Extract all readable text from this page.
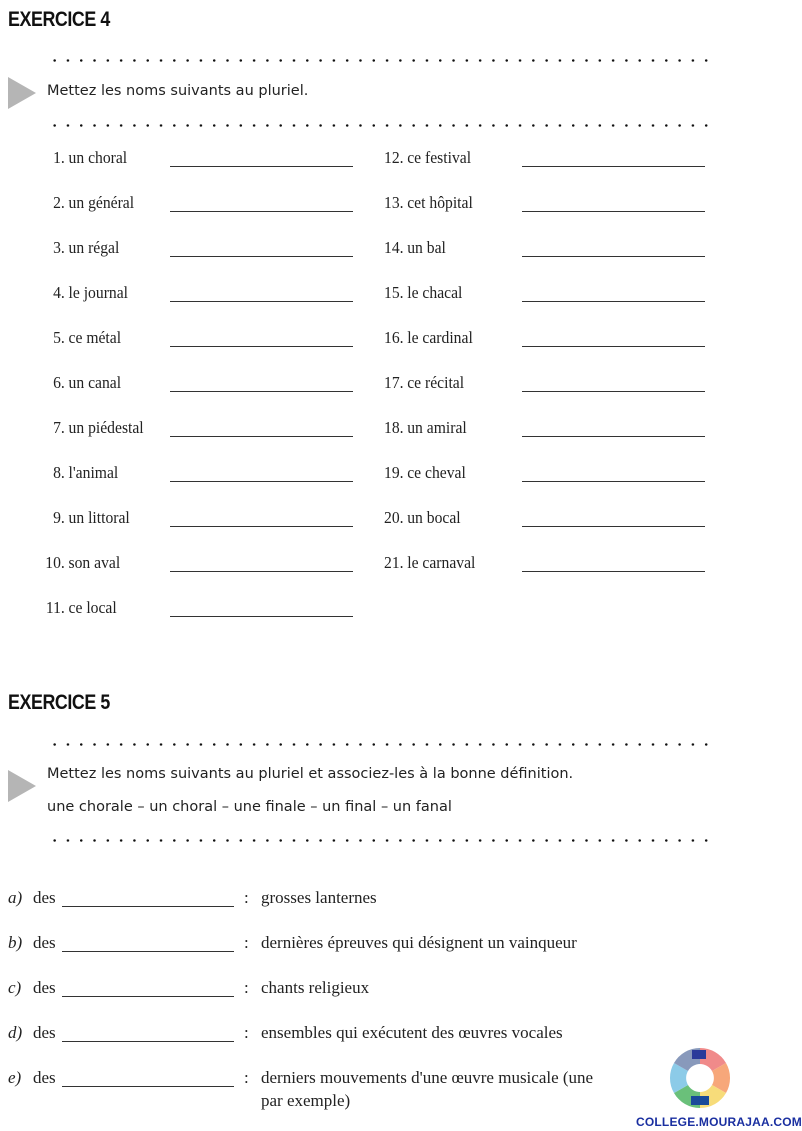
EXERCICE 4
Mettez les noms suivants au pluriel.
1. un choral
2. un général
3. un régal
4. le journal
5. ce métal
6. un canal
7. un piédestal
8. l'animal
9. un littoral
10. son aval
11. ce local
12. ce festival
13. cet hôpital
14. un bal
15. le chacal
16. le cardinal
17. ce récital
18. un amiral
19. ce cheval
20. un bocal
21. le carnaval
EXERCICE 5
Mettez les noms suivants au pluriel et associez-les à la bonne définition.
une chorale – un choral – une finale – un final – un fanal
a) des	: grosses lanternes
b) des	: dernières épreuves qui désignent un vainqueur
c) des	: chants religieux
d) des	: ensembles qui exécutent des œuvres vocales
e) des	: derniers mouvements d'une œuvre musicale (une
par exemple)
COLLEGE.MOURAJAA.COM
